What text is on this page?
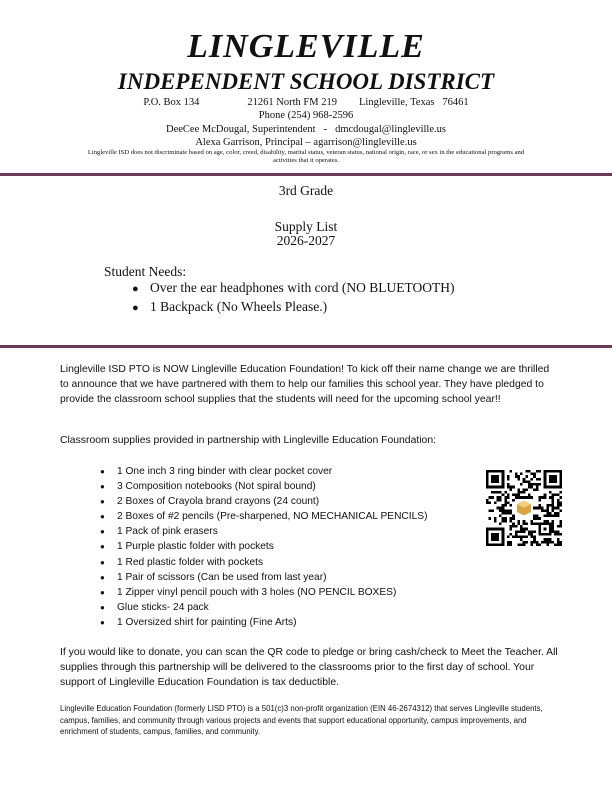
LINGLEVILLE
INDEPENDENT SCHOOL DISTRICT
P.O. Box 134	21261 North FM 219 Lingleville, Texas   76461
Phone (254) 968-2596
DeeCee McDougal, Superintendent - dmcdougal@lingleville.us
Alexa Garrison, Principal – agarrison@lingleville.us
Lingleville ISD does not discriminate based on age, color, creed, disability, marital status, veteran status, national origin, race, or sex in the educational programs and activities that it operates.
3rd Grade
Supply List
2026-2027
Student Needs:
● Over the ear headphones with cord (NO BLUETOOTH)
● 1 Backpack (No Wheels Please.)
Lingleville ISD PTO is NOW Lingleville Education Foundation! To kick off their name change we are thrilled to announce that we have partnered with them to help our families this school year. They have pledged to provide the classroom school supplies that the students will need for the upcoming school year!!
Classroom supplies provided in partnership with Lingleville Education Foundation:
● 1 One inch 3 ring binder with clear pocket cover
● 3 Composition notebooks (Not spiral bound)
● 2 Boxes of Crayola brand crayons (24 count)
● 2 Boxes of #2 pencils (Pre-sharpened, NO MECHANICAL PENCILS)
● 1 Pack of pink erasers
● 1 Purple plastic folder with pockets
● 1 Red plastic folder with pockets
● 1 Pair of scissors (Can be used from last year)
● 1 Zipper vinyl pencil pouch with 3 holes (NO PENCIL BOXES)
● Glue sticks- 24 pack
● 1 Oversized shirt for painting (Fine Arts)
If you would like to donate, you can scan the QR code to pledge or bring cash/check to Meet the Teacher. All supplies through this partnership will be delivered to the classrooms prior to the first day of school. Your support of Lingleville Education Foundation is tax deductible.
Lingleville Education Foundation (formerly LISD PTO) is a 501(c)3 non-profit organization (EIN 46-2674312) that serves Lingleville students, campus, families, and community through various projects and events that support educational opportunity, campus improvements, and enrichment of students, campus, families, and community.
